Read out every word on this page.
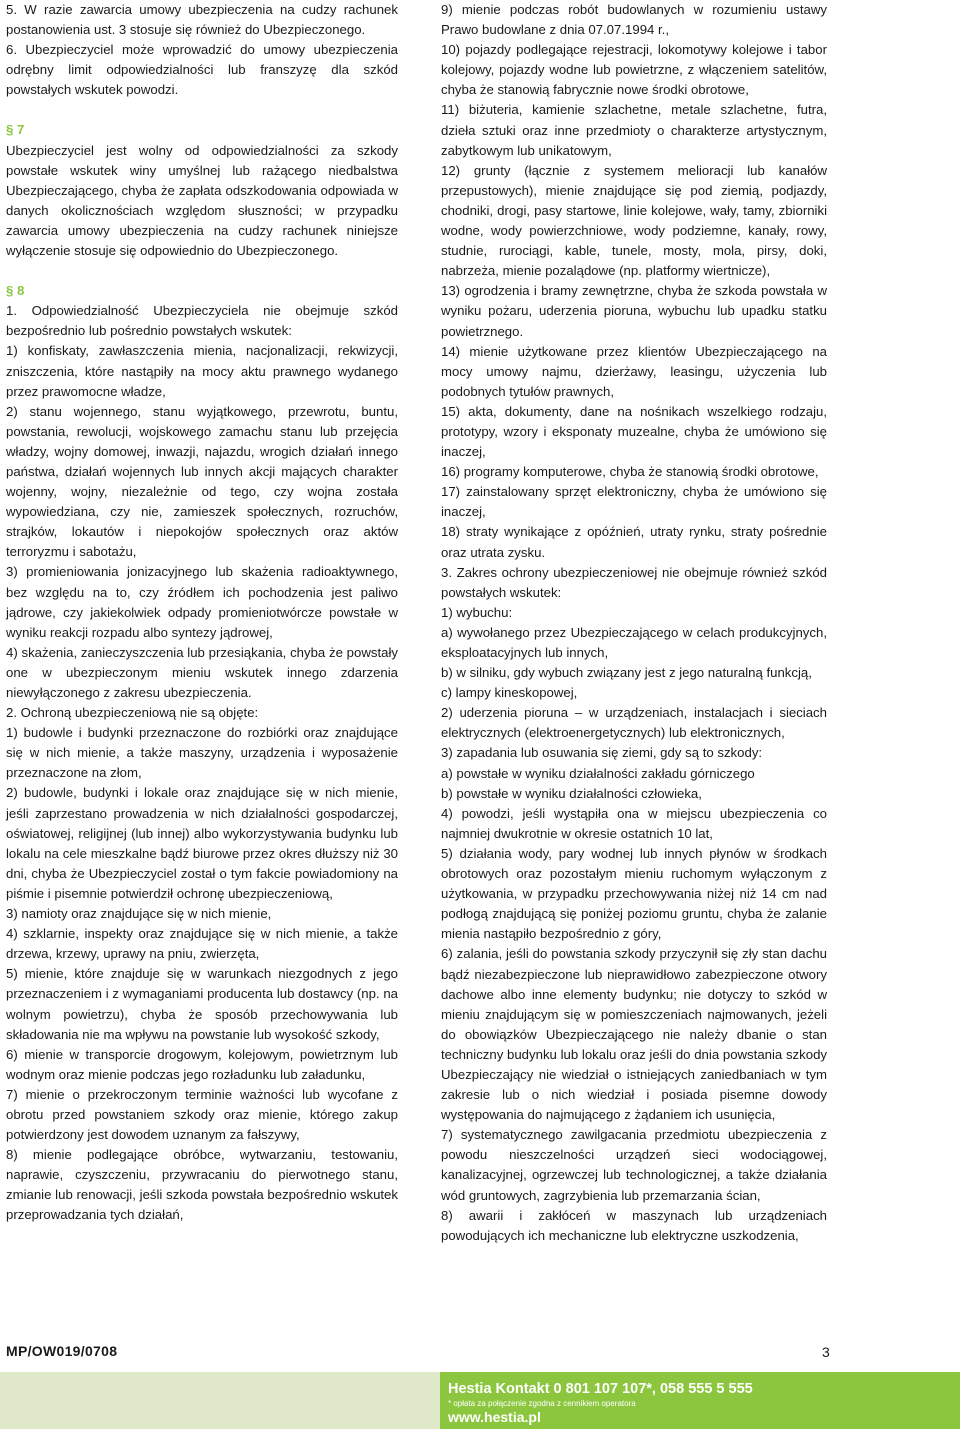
5. W razie zawarcia umowy ubezpieczenia na cudzy rachunek postanowienia ust. 3 stosuje się również do Ubezpieczonego.

6. Ubezpieczyciel może wprowadzić do umowy ubezpieczenia odrębny limit odpowiedzialności lub franszyzę dla szkód powstałych wskutek powodzi.

§ 7

Ubezpieczyciel jest wolny od odpowiedzialności za szkody powstałe wskutek winy umyślnej lub rażącego niedbalstwa Ubezpieczającego, chyba że zapłata odszkodowania odpowiada w danych okolicznościach względom słuszności; w przypadku zawarcia umowy ubezpieczenia na cudzy rachunek niniejsze wyłączenie stosuje się odpowiednio do Ubezpieczonego.

§ 8

1. Odpowiedzialność Ubezpieczyciela nie obejmuje szkód bezpośrednio lub pośrednio powstałych wskutek:

1) konfiskaty, zawłaszczenia mienia, nacjonalizacji, rekwizycji, zniszczenia, które nastąpiły na mocy aktu prawnego wydanego przez prawomocne władze,

2) stanu wojennego, stanu wyjątkowego, przewrotu, buntu, powstania, rewolucji, wojskowego zamachu stanu lub przejęcia władzy, wojny domowej, inwazji, najazdu, wrogich działań innego państwa, działań wojennych lub innych akcji mających charakter wojenny, wojny, niezależnie od tego, czy wojna została wypowiedziana, czy nie, zamieszek społecznych, rozruchów, strajków, lokautów i niepokojów społecznych oraz aktów terroryzmu i sabotażu,

3) promieniowania jonizacyjnego lub skażenia radioaktywnego, bez względu na to, czy źródłem ich pochodzenia jest paliwo jądrowe, czy jakiekolwiek odpady promieniotwórcze powstałe w wyniku reakcji rozpadu albo syntezy jądrowej,

4) skażenia, zanieczyszczenia lub przesiąkania, chyba że powstały one w ubezpieczonym mieniu wskutek innego zdarzenia niewyłączonego z zakresu ubezpieczenia.

2. Ochroną ubezpieczeniową nie są objęte:

1) budowle i budynki przeznaczone do rozbiórki oraz znajdujące się w nich mienie, a także maszyny, urządzenia i wyposażenie przeznaczone na złom,

2) budowle, budynki i lokale oraz znajdujące się w nich mienie, jeśli zaprzestano prowadzenia w nich działalności gospodarczej, oświatowej, religijnej (lub innej) albo wykorzystywania budynku lub lokalu na cele mieszkalne bądź biurowe przez okres dłuższy niż 30 dni, chyba że Ubezpieczyciel został o tym fakcie powiadomiony na piśmie i pisemnie potwierdził ochronę ubezpieczeniową,

3) namioty oraz znajdujące się w nich mienie,

4) szklarnie, inspekty oraz znajdujące się w nich mienie, a także drzewa, krzewy, uprawy na pniu, zwierzęta,

5) mienie, które znajduje się w warunkach niezgodnych z jego przeznaczeniem i z wymaganiami producenta lub dostawcy (np. na wolnym powietrzu), chyba że sposób przechowywania lub składowania nie ma wpływu na powstanie lub wysokość szkody,

6) mienie w transporcie drogowym, kolejowym, powietrznym lub wodnym oraz mienie podczas jego rozładunku lub załadunku,

7) mienie o przekroczonym terminie ważności lub wycofane z obrotu przed powstaniem szkody oraz mienie, którego zakup potwierdzony jest dowodem uznanym za fałszywy,

8) mienie podlegające obróbce, wytwarzaniu, testowaniu, naprawie, czyszczeniu, przywracaniu do pierwotnego stanu, zmianie lub renowacji, jeśli szkoda powstała bezpośrednio wskutek przeprowadzania tych działań,

9) mienie podczas robót budowlanych w rozumieniu ustawy Prawo budowlane z dnia 07.07.1994 r.,

10) pojazdy podlegające rejestracji, lokomotywy kolejowe i tabor kolejowy, pojazdy wodne lub powietrzne, z włączeniem satelitów, chyba że stanowią fabrycznie nowe środki obrotowe,

11) biżuteria, kamienie szlachetne, metale szlachetne, futra, dzieła sztuki oraz inne przedmioty o charakterze artystycznym, zabytkowym lub unikatowym,

12) grunty (łącznie z systemem melioracji lub kanałów przepustowych), mienie znajdujące się pod ziemią, podjazdy, chodniki, drogi, pasy startowe, linie kolejowe, wały, tamy, zbiorniki wodne, wody powierzchniowe, wody podziemne, kanały, rowy, studnie, rurociągi, kable, tunele, mosty, mola, pirsy, doki, nabrzeża, mienie pozalądowe (np. platformy wiertnicze),

13) ogrodzenia i bramy zewnętrzne, chyba że szkoda powstała w wyniku pożaru, uderzenia pioruna, wybuchu lub upadku statku powietrznego.

14) mienie użytkowane przez klientów Ubezpieczającego na mocy umowy najmu, dzierżawy, leasingu, użyczenia lub podobnych tytułów prawnych,

15) akta, dokumenty, dane na nośnikach wszelkiego rodzaju, prototypy, wzory i eksponaty muzealne, chyba że umówiono się inaczej,

16) programy komputerowe, chyba że stanowią środki obrotowe,

17) zainstalowany sprzęt elektroniczny, chyba że umówiono się inaczej,

18) straty wynikające z opóźnień, utraty rynku, straty pośrednie oraz utrata zysku.

3. Zakres ochrony ubezpieczeniowej nie obejmuje również szkód powstałych wskutek:

1) wybuchu:

a) wywołanego przez Ubezpieczającego w celach produkcyjnych, eksploatacyjnych lub innych,

b) w silniku, gdy wybuch związany jest z jego naturalną funkcją,

c) lampy kineskopowej,

2) uderzenia pioruna – w urządzeniach, instalacjach i sieciach elektrycznych (elektroenergetycznych) lub elektronicznych,

3) zapadania lub osuwania się ziemi, gdy są to szkody:

a) powstałe w wyniku działalności zakładu górniczego

b) powstałe w wyniku działalności człowieka,

4) powodzi, jeśli wystąpiła ona w miejscu ubezpieczenia co najmniej dwukrotnie w okresie ostatnich 10 lat,

5) działania wody, pary wodnej lub innych płynów w środkach obrotowych oraz pozostałym mieniu ruchomym wyłączonym z użytkowania, w przypadku przechowywania niżej niż 14 cm nad podłogą znajdującą się poniżej poziomu gruntu, chyba że zalanie mienia nastąpiło bezpośrednio z góry,

6) zalania, jeśli do powstania szkody przyczynił się zły stan dachu bądź niezabezpieczone lub nieprawidłowo zabezpieczone otwory dachowe albo inne elementy budynku; nie dotyczy to szkód w mieniu znajdującym się w pomieszczeniach najmowanych, jeżeli do obowiązków Ubezpieczającego nie należy dbanie o stan techniczny budynku lub lokalu oraz jeśli do dnia powstania szkody Ubezpieczający nie wiedział o istniejących zaniedbaniach w tym zakresie lub o nich wiedział i posiada pisemne dowody występowania do najmującego z żądaniem ich usunięcia,

7) systematycznego zawilgacania przedmiotu ubezpieczenia z powodu nieszczelności urządzeń sieci wodociągowej, kanalizacyjnej, ogrzewczej lub technologicznej, a także działania wód gruntowych, zagrzybienia lub przemarzania ścian,

8) awarii i zakłóceń w maszynach lub urządzeniach powodujących ich mechaniczne lub elektryczne uszkodzenia,

MP/OW019/0708	3
Hestia Kontakt 0 801 107 107*, 058 555 5 555
* opłata za połączenie zgodna z cennikiem operatora
www.hestia.pl
